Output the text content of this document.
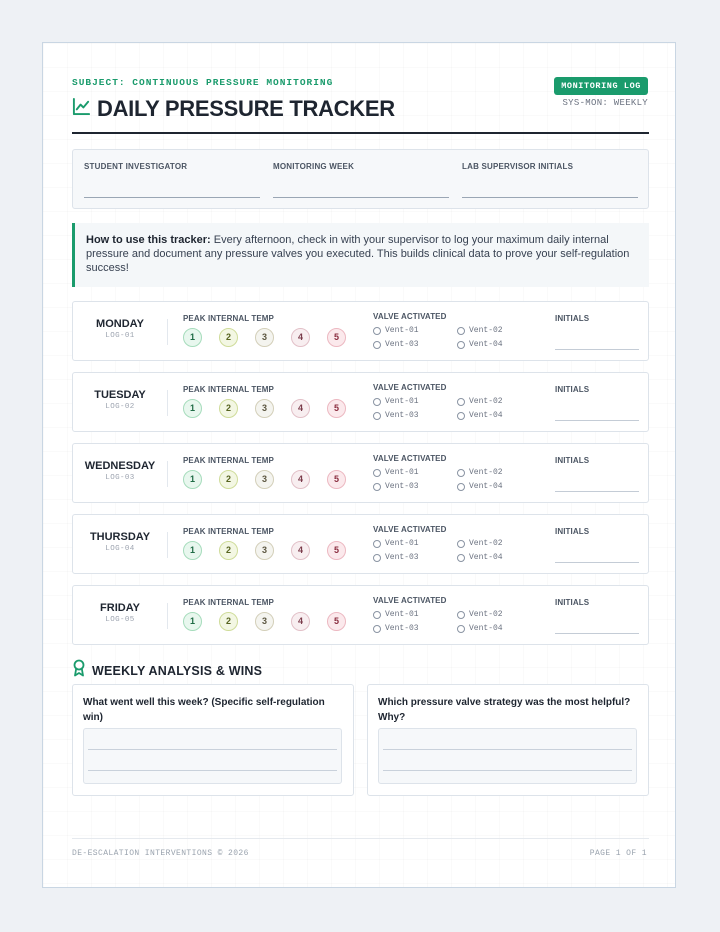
SUBJECT: CONTINUOUS PRESSURE MONITORING
DAILY PRESSURE TRACKER
MONITORING LOG
SYS-MON: WEEKLY
STUDENT INVESTIGATOR	MONITORING WEEK	LAB SUPERVISOR INITIALS
How to use this tracker: Every afternoon, check in with your supervisor to log your maximum daily internal pressure and document any pressure valves you executed. This builds clinical data to prove your self-regulation success!
MONDAY
LOG-01
PEAK INTERNAL TEMP
1	2	3	4	5
VALVE ACTIVATED
Vent-01	Vent-02
Vent-03	Vent-04
INITIALS
TUESDAY
LOG-02
PEAK INTERNAL TEMP
1	2	3	4	5
VALVE ACTIVATED
Vent-01	Vent-02
Vent-03	Vent-04
INITIALS
WEDNESDAY
LOG-03
PEAK INTERNAL TEMP
1	2	3	4	5
VALVE ACTIVATED
Vent-01	Vent-02
Vent-03	Vent-04
INITIALS
THURSDAY
LOG-04
PEAK INTERNAL TEMP
1	2	3	4	5
VALVE ACTIVATED
Vent-01	Vent-02
Vent-03	Vent-04
INITIALS
FRIDAY
LOG-05
PEAK INTERNAL TEMP
1	2	3	4	5
VALVE ACTIVATED
Vent-01	Vent-02
Vent-03	Vent-04
INITIALS
WEEKLY ANALYSIS & WINS
What went well this week? (Specific self-regulation win)
Which pressure valve strategy was the most helpful? Why?
DE-ESCALATION INTERVENTIONS © 2026	PAGE 1 OF 1
